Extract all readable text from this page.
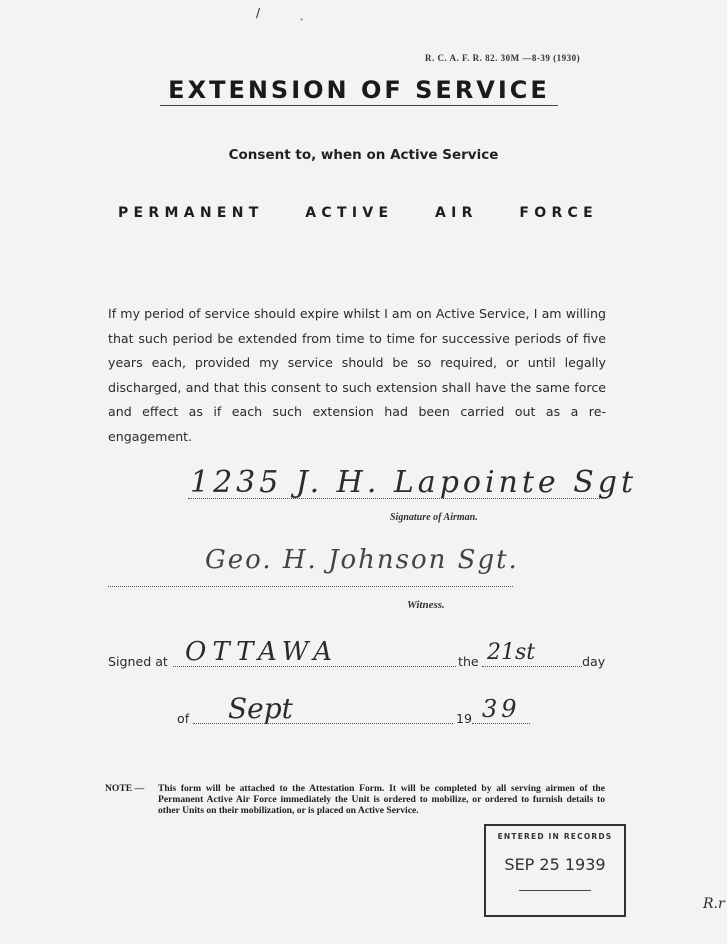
/
°
R. C. A. F. R. 82. 30M —8-39 (1930)
EXTENSION OF SERVICE
Consent to, when on Active Service
PERMANENT	ACTIVE	AIR	FORCE
If my period of service should expire whilst I am on Active Service, I am willing that such period be extended from time to time for successive periods of five years each, provided my service should be so required, or until legally discharged, and that this consent to such extension shall have the same force and effect as if each such extension had been carried out as a re-engagement.
1235 J. H. Lapointe Sgt
Signature of Airman.
Geo. H. Johnson Sgt.
Witness.
Signed at OTTAWA	the 21st	day
of Sept	19 39
NOTE — This form will be attached to the Attestation Form. It will be completed by all serving airmen of the Permanent Active Air Force immediately the Unit is ordered to mobilize, or ordered to furnish details to other Units on their mobilization, or is placed on Active Service.
ENTERED IN RECORDS
SEP 25 1939
R.r
